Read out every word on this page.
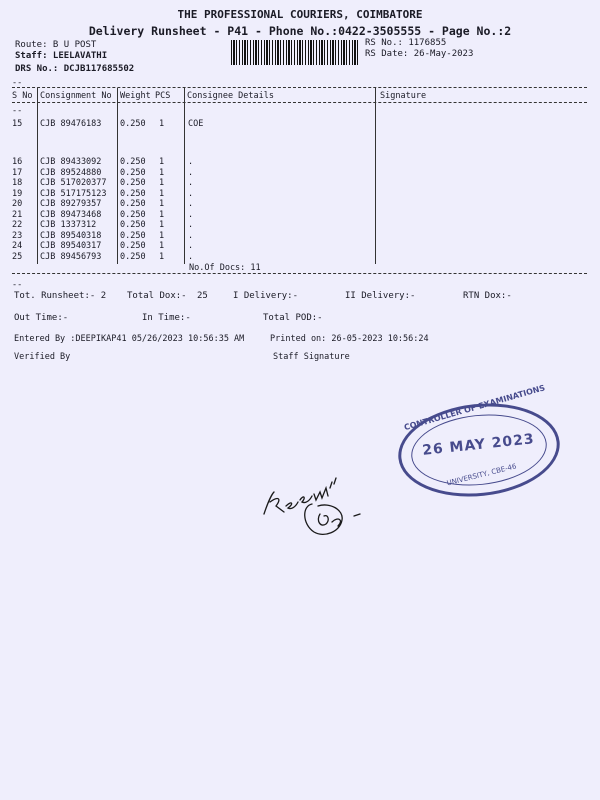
THE PROFESSIONAL COURIERS, COIMBATORE
Delivery Runsheet - P41 - Phone No.:0422-3505555 - Page No.:2
Route: B U POST
Staff: LEELAVATHI
DRS No.: DCJB117685502
RS No.: 1176855
RS Date: 26-May-2023
--
S No Consignment No Weight PCS Consignee Details	Signature
--
15 CJB 89476183 0.250 1	COE
16 CJB 89433092 0.250 1	.
17 CJB 89524880 0.250 1	.
18 CJB 517020377 0.250 1	.
19 CJB 517175123 0.250 1	.
20 CJB 89279357 0.250 1	.
21 CJB 89473468 0.250 1	.
22 CJB 1337312	0.250 1	.
23 CJB 89540318 0.250 1	.
24 CJB 89540317 0.250 1	.
25 CJB 89456793 0.250 1	.
No.Of Docs: 11
--
Tot. Runsheet:- 2 Total Dox:- 25	I Delivery:-	II Delivery:-	RTN Dox:-
Out Time:-	In Time:-	Total POD:-
Entered By :DEEPIKAP41 05/26/2023 10:56:35 AM	Printed on: 26-05-2023 10:56:24
Verified By	Staff Signature
CONTROLLER OF EXAMINATIONS
26 MAY 2023
UNIVERSITY, CBE-46
